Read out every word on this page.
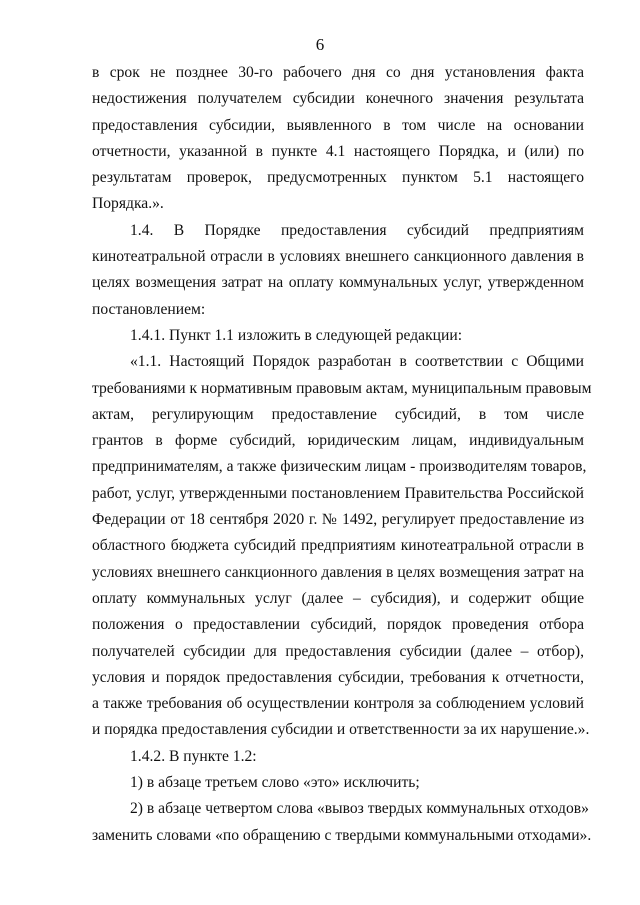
6
в срок не позднее 30-го рабочего дня со дня установления факта
недостижения получателем субсидии конечного значения результата
предоставления субсидии, выявленного в том числе на основании
отчетности, указанной в пункте 4.1 настоящего Порядка, и (или) по
результатам проверок, предусмотренных пунктом 5.1 настоящего
Порядка.».
1.4. В Порядке предоставления субсидий предприятиям
кинотеатральной отрасли в условиях внешнего санкционного давления в
целях возмещения затрат на оплату коммунальных услуг, утвержденном
постановлением:
1.4.1. Пункт 1.1 изложить в следующей редакции:
«1.1. Настоящий Порядок разработан в соответствии с Общими
требованиями к нормативным правовым актам, муниципальным правовым
актам, регулирующим предоставление субсидий, в том числе
грантов в форме субсидий, юридическим лицам, индивидуальным
предпринимателям, а также физическим лицам - производителям товаров,
работ, услуг, утвержденными постановлением Правительства Российской
Федерации от 18 сентября 2020 г. № 1492, регулирует предоставление из
областного бюджета субсидий предприятиям кинотеатральной отрасли в
условиях внешнего санкционного давления в целях возмещения затрат на
оплату коммунальных услуг (далее – субсидия), и содержит общие
положения о предоставлении субсидий, порядок проведения отбора
получателей субсидии для предоставления субсидии (далее – отбор),
условия и порядок предоставления субсидии, требования к отчетности,
а также требования об осуществлении контроля за соблюдением условий
и порядка предоставления субсидии и ответственности за их нарушение.».
1.4.2. В пункте 1.2:
1) в абзаце третьем слово «это» исключить;
2) в абзаце четвертом слова «вывоз твердых коммунальных отходов»
заменить словами «по обращению с твердыми коммунальными отходами».
